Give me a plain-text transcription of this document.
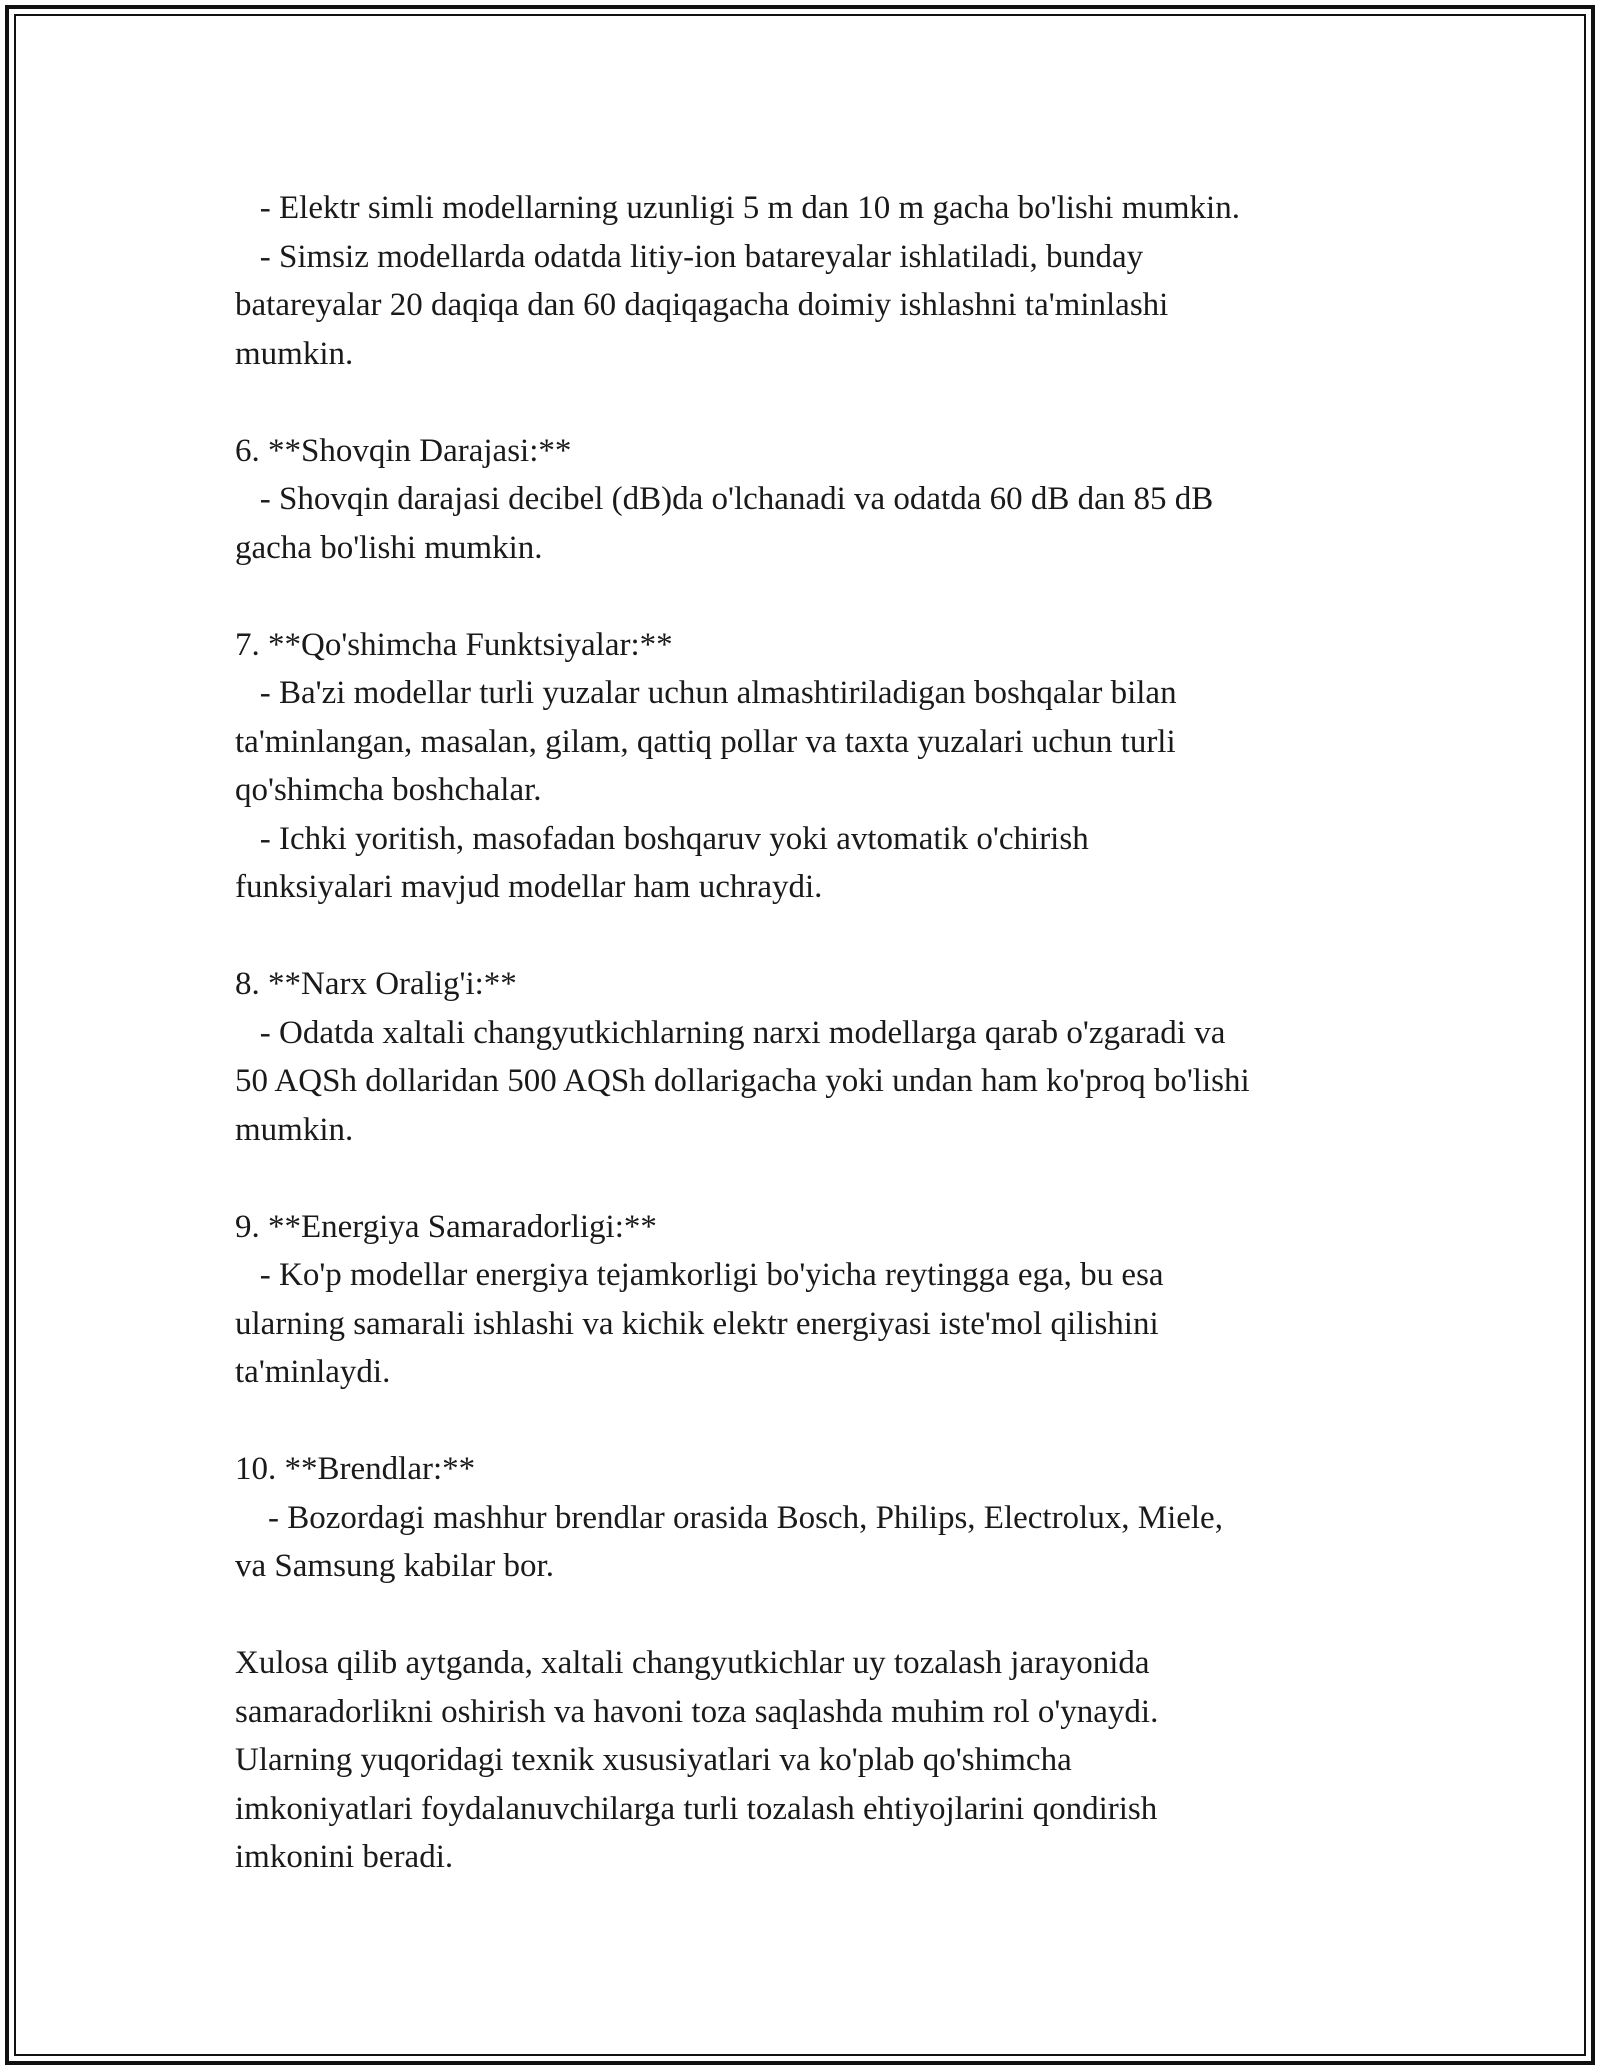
- Elektr simli modellarning uzunligi 5 m dan 10 m gacha bo'lishi mumkin.

- Simsiz modellarda odatda litiy-ion batareyalar ishlatiladi, bunday

batareyalar 20 daqiqa dan 60 daqiqagacha doimiy ishlashni ta'minlashi

mumkin.

6. **Shovqin Darajasi:**

- Shovqin darajasi decibel (dB)da o'lchanadi va odatda 60 dB dan 85 dB

gacha bo'lishi mumkin.

7. **Qo'shimcha Funktsiyalar:**

- Ba'zi modellar turli yuzalar uchun almashtiriladigan boshqalar bilan

ta'minlangan, masalan, gilam, qattiq pollar va taxta yuzalari uchun turli

qo'shimcha boshchalar.

- Ichki yoritish, masofadan boshqaruv yoki avtomatik o'chirish

funksiyalari mavjud modellar ham uchraydi.

8. **Narx Oralig'i:**

- Odatda xaltali changyutkichlarning narxi modellarga qarab o'zgaradi va

50 AQSh dollaridan 500 AQSh dollarigacha yoki undan ham ko'proq bo'lishi

mumkin.

9. **Energiya Samaradorligi:**

- Ko'p modellar energiya tejamkorligi bo'yicha reytingga ega, bu esa

ularning samarali ishlashi va kichik elektr energiyasi iste'mol qilishini

ta'minlaydi.

10. **Brendlar:**

- Bozordagi mashhur brendlar orasida Bosch, Philips, Electrolux, Miele,

va Samsung kabilar bor.

Xulosa qilib aytganda, xaltali changyutkichlar uy tozalash jarayonida

samaradorlikni oshirish va havoni toza saqlashda muhim rol o'ynaydi.

Ularning yuqoridagi texnik xususiyatlari va ko'plab qo'shimcha

imkoniyatlari foydalanuvchilarga turli tozalash ehtiyojlarini qondirish

imkonini beradi.
